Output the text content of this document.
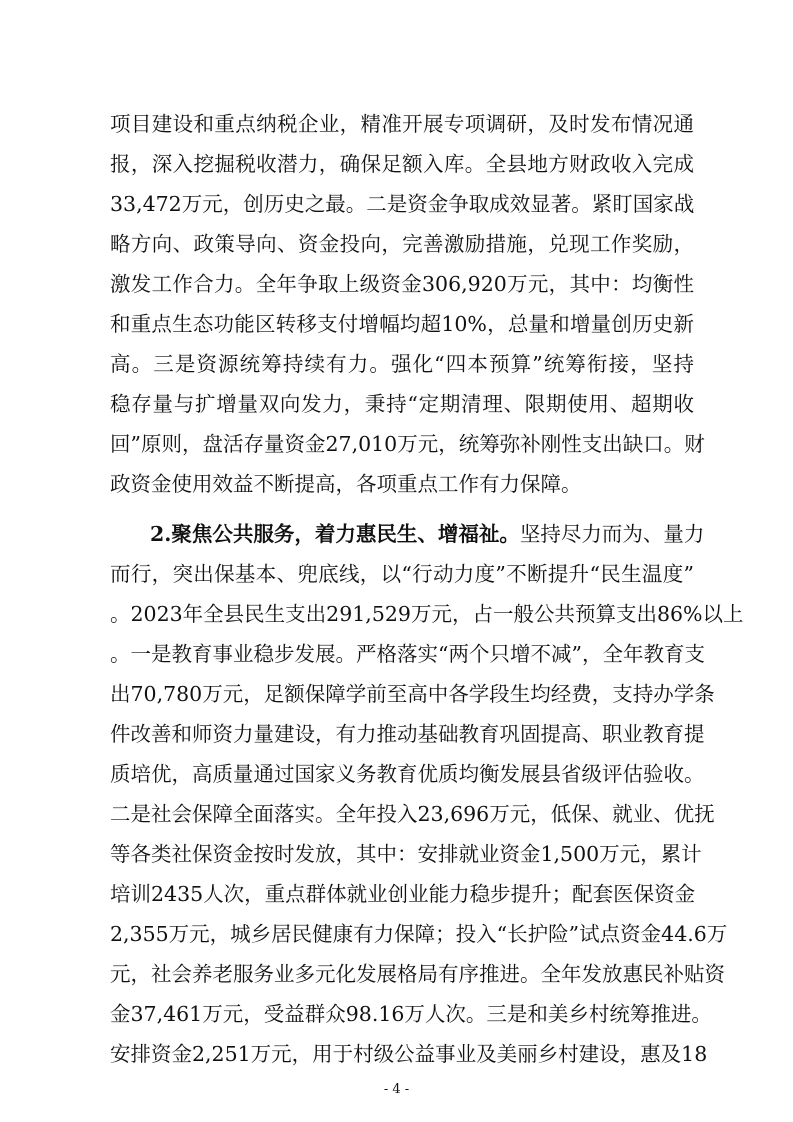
项目建设和重点纳税企业，精准开展专项调研，及时发布情况通
报，深入挖掘税收潜力，确保足额入库。全县地方财政收入完成
33,472万元，创历史之最。二是资金争取成效显著。紧盯国家战
略方向、政策导向、资金投向，完善激励措施，兑现工作奖励，
激发工作合力。全年争取上级资金306,920万元，其中：均衡性
和重点生态功能区转移支付增幅均超10%，总量和增量创历史新
高。三是资源统筹持续有力。强化“四本预算”统筹衔接，坚持
稳存量与扩增量双向发力，秉持“定期清理、限期使用、超期收
回”原则，盘活存量资金27,010万元，统筹弥补刚性支出缺口。财
政资金使用效益不断提高，各项重点工作有力保障。
2.聚焦公共服务，着力惠民生、增福祉。坚持尽力而为、量力
而行，突出保基本、兜底线，以“行动力度”不断提升“民生温度”
。2023年全县民生支出291,529万元，占一般公共预算支出86%以上
。一是教育事业稳步发展。严格落实“两个只增不减”，全年教育支
出70,780万元，足额保障学前至高中各学段生均经费，支持办学条
件改善和师资力量建设，有力推动基础教育巩固提高、职业教育提
质培优，高质量通过国家义务教育优质均衡发展县省级评估验收。
二是社会保障全面落实。全年投入23,696万元，低保、就业、优抚
等各类社保资金按时发放，其中：安排就业资金1,500万元，累计
培训2435人次，重点群体就业创业能力稳步提升；配套医保资金
2,355万元，城乡居民健康有力保障；投入“长护险”试点资金44.6万
元，社会养老服务业多元化发展格局有序推进。全年发放惠民补贴资
金37,461万元，受益群众98.16万人次。三是和美乡村统筹推进。
安排资金2,251万元，用于村级公益事业及美丽乡村建设，惠及18
- 4 -
